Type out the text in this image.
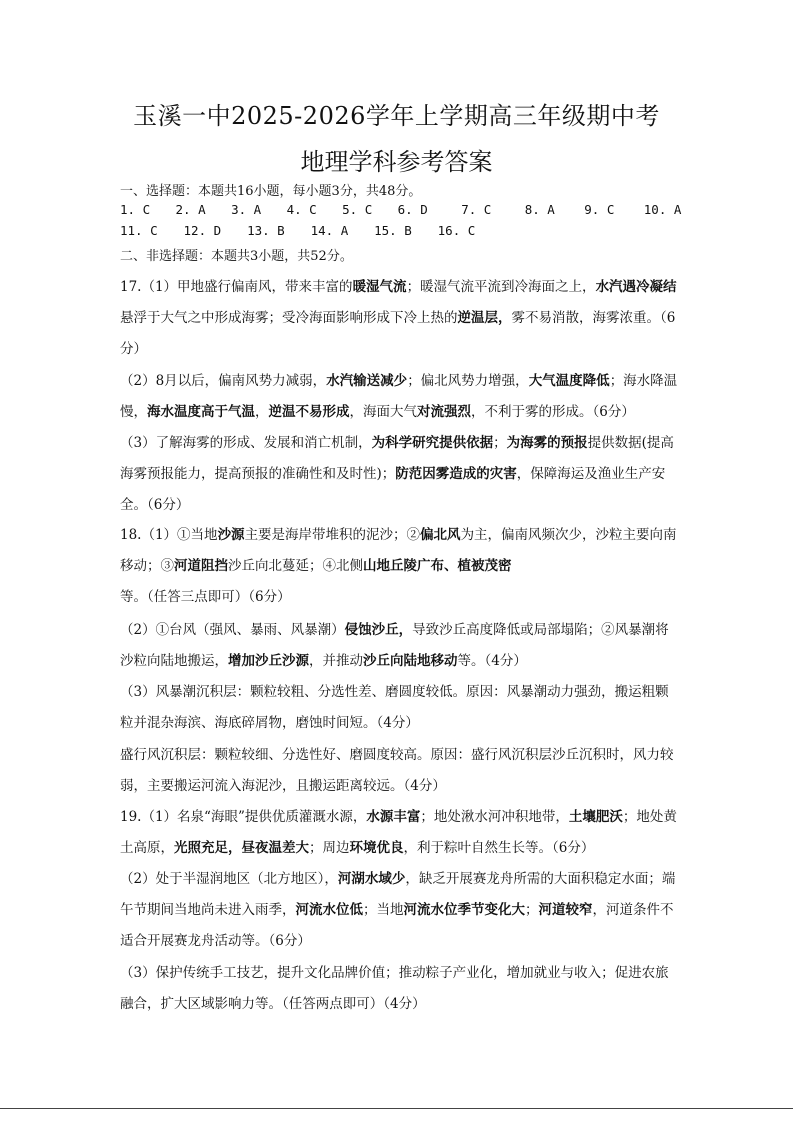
玉溪一中2025-2026学年上学期高三年级期中考
地理学科参考答案
一、选择题：本题共16小题，每小题3分，共48分。
1. C 2. A 3. A 4. C 5. C 6. D	7. C	8. A 9. C 10. A
11. C 12. D 13. B 14. A 15. B 16. C
二、非选择题：本题共3小题，共52分。
17.（1）甲地盛行偏南风，带来丰富的暖湿气流；暖湿气流平流到冷海面之上，水汽遇冷凝结悬浮于大气之中形成海雾；受冷海面影响形成下冷上热的逆温层，雾不易消散，海雾浓重。（6分）
（2）8月以后，偏南风势力减弱，水汽输送减少；偏北风势力增强，大气温度降低；海水降温慢，海水温度高于气温，逆温不易形成，海面大气对流强烈，不利于雾的形成。（6分）
（3）了解海雾的形成、发展和消亡机制，为科学研究提供依据；为海雾的预报提供数据(提高海雾预报能力，提高预报的准确性和及时性)；防范因雾造成的灾害，保障海运及渔业生产安全。（6分）
18.（1）①当地沙源主要是海岸带堆积的泥沙；②偏北风为主，偏南风频次少，沙粒主要向南移动；③河道阻挡沙丘向北蔓延；④北侧山地丘陵广布、植被茂密等。（任答三点即可）（6分）
（2）①台风（强风、暴雨、风暴潮）侵蚀沙丘，导致沙丘高度降低或局部塌陷；②风暴潮将沙粒向陆地搬运，增加沙丘沙源，并推动沙丘向陆地移动等。（4分）
（3）风暴潮沉积层：颗粒较粗、分选性差、磨圆度较低。原因：风暴潮动力强劲，搬运粗颗粒并混杂海滨、海底碎屑物，磨蚀时间短。（4分）
盛行风沉积层：颗粒较细、分选性好、磨圆度较高。原因：盛行风沉积层沙丘沉积时，风力较弱，主要搬运河流入海泥沙，且搬运距离较远。（4分）
19.（1）名泉“海眼”提供优质灌溉水源，水源丰富；地处湫水河冲积地带，土壤肥沃；地处黄土高原，光照充足，昼夜温差大；周边环境优良，利于粽叶自然生长等。（6分）
（2）处于半湿润地区（北方地区），河湖水域少，缺乏开展赛龙舟所需的大面积稳定水面；端午节期间当地尚未进入雨季，河流水位低；当地河流水位季节变化大；河道较窄，河道条件不适合开展赛龙舟活动等。（6分）
（3）保护传统手工技艺，提升文化品牌价值；推动粽子产业化，增加就业与收入；促进农旅融合，扩大区域影响力等。（任答两点即可）（4分）
